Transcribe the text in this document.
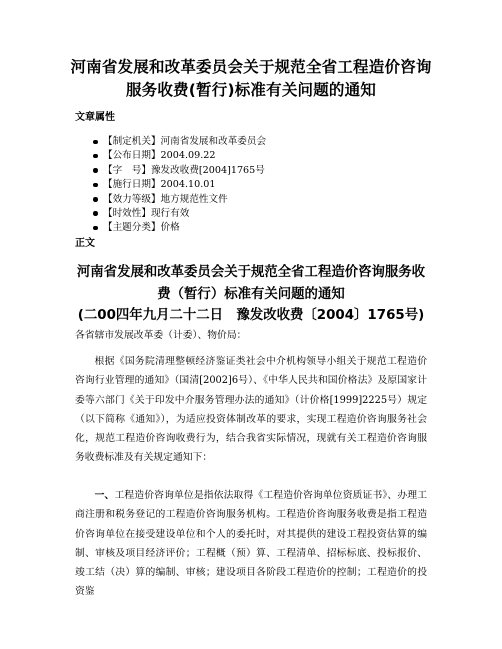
河南省发展和改革委员会关于规范全省工程造价咨询
服务收费(暂行)标准有关问题的通知
文章属性
【制定机关】河南省发展和改革委员会
【公布日期】2004.09.22
【字　号】豫发改收费[2004]1765号
【施行日期】2004.10.01
【效力等级】地方规范性文件
【时效性】现行有效
【主题分类】价格
正文
河南省发展和改革委员会关于规范全省工程造价咨询服务收
费（暂行）标准有关问题的通知
(二00四年九月二十二日　豫发改收费〔2004〕1765号)
各省辖市发展改革委（计委）、物价局：

根据《国务院清理整顿经济鉴证类社会中介机构领导小组关于规范工程造价咨询行业管理的通知》（国清[2002]6号）、《中华人民共和国价格法》及原国家计委等六部门《关于印发中介服务管理办法的通知》（计价格[1999]2225号）规定（以下简称《通知》），为适应投资体制改革的要求，实现工程造价咨询服务社会化，规范工程造价咨询收费行为，结合我省实际情况，现就有关工程造价咨询服务收费标准及有关规定通知下：

一、工程造价咨询单位是指依法取得《工程造价咨询单位资质证书》、办理工商注册和税务登记的工程造价咨询服务机构。工程造价咨询服务收费是指工程造价咨询单位在接受建设单位和个人的委托时，对其提供的建设工程投资估算的编制、审核及项目经济评价；工程概（预）算、工程清单、招标标底、投标报价、竣工结（决）算的编制、审核；建设项目各阶段工程造价的控制；工程造价的投资鉴
